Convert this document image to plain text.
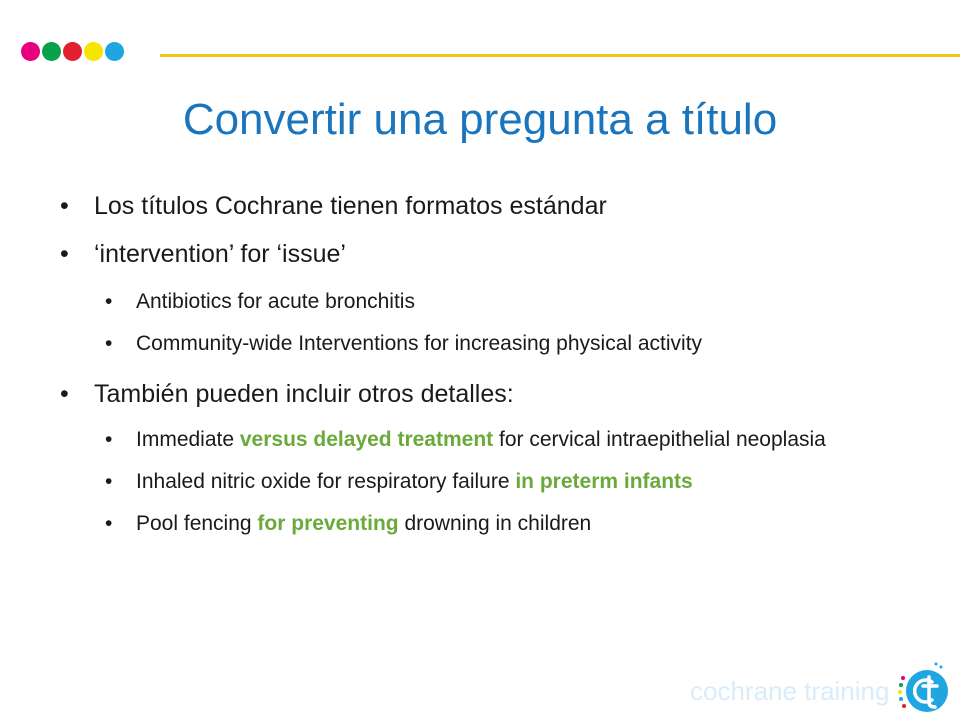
Convertir una pregunta a título
• Los títulos Cochrane tienen formatos estándar
• ‘intervention’ for ‘issue’
• Antibiotics for acute bronchitis
• Community-wide Interventions for increasing physical activity
• También pueden incluir otros detalles:
• Immediate versus delayed treatment for cervical intraepithelial neoplasia
• Inhaled nitric oxide for respiratory failure in preterm infants
• Pool fencing for preventing drowning in children
cochrane training
